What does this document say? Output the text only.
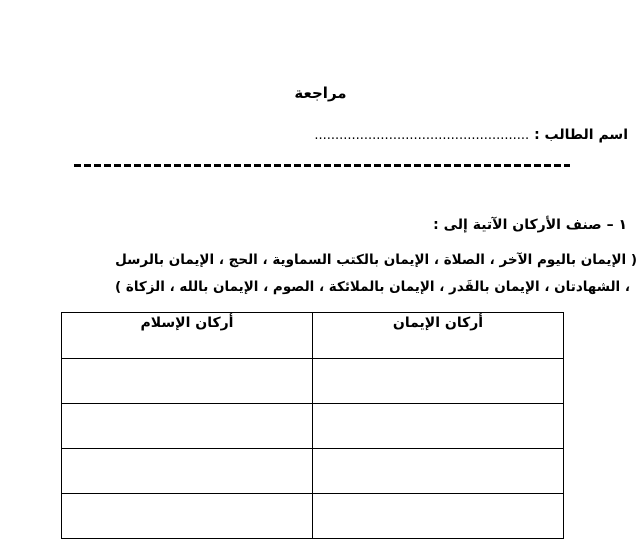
مراجعة
اسم الطالب : ....................................................
١ – صنف الأركان الآتية إلى :
( الإيمان باليوم الآخر ، الصلاة ، الإيمان بالكتب السماوية ، الحج ، الإيمان بالرسل
، الشهادتان ، الإيمان بالقَدر ، الإيمان بالملائكة ، الصوم ، الإيمان بالله ، الزكاة )
أركان الإيمان	أركان الإسلام
